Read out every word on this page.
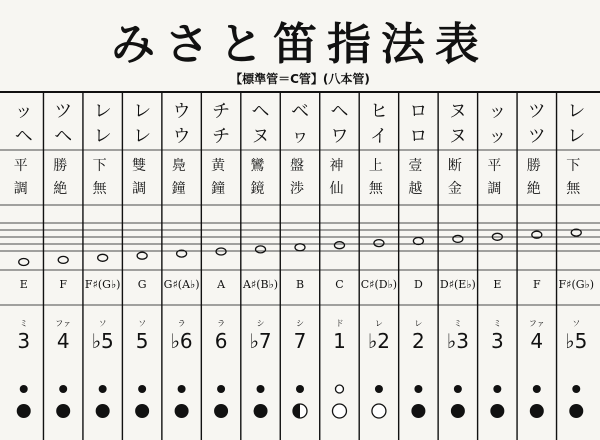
みさと笛指法表
【標準管＝C管】(八本管)
ッ
ヘ
平
調
E
ミ
3
ツ
ヘ
勝
絶
F
ファ
4
レ
レ
下
無
F♯(G♭)
ソ
♭5
レ
レ
雙
調
G
ソ
5
ウ
ウ
鳧
鐘
G♯(A♭)
ラ
♭6
チ
チ
黄
鐘
A
ラ
6
ヘ
ヌ
鸞
鏡
A♯(B♭)
シ
♭7
ベ
ヮ
盤
渉
B
シ
7
ヘ
ワ
神
仙
C
ド
1
ヒ
イ
上
無
C♯(D♭)
レ
♭2
ロ
ロ
壹
越
D
レ
2
ヌ
ヌ
断
金
D♯(E♭)
ミ
♭3
ッ
ッ
平
調
E
ミ
3
ツ
ツ
勝
絶
F
ファ
4
レ
レ
下
無
F♯(G♭)
ソ
♭5
